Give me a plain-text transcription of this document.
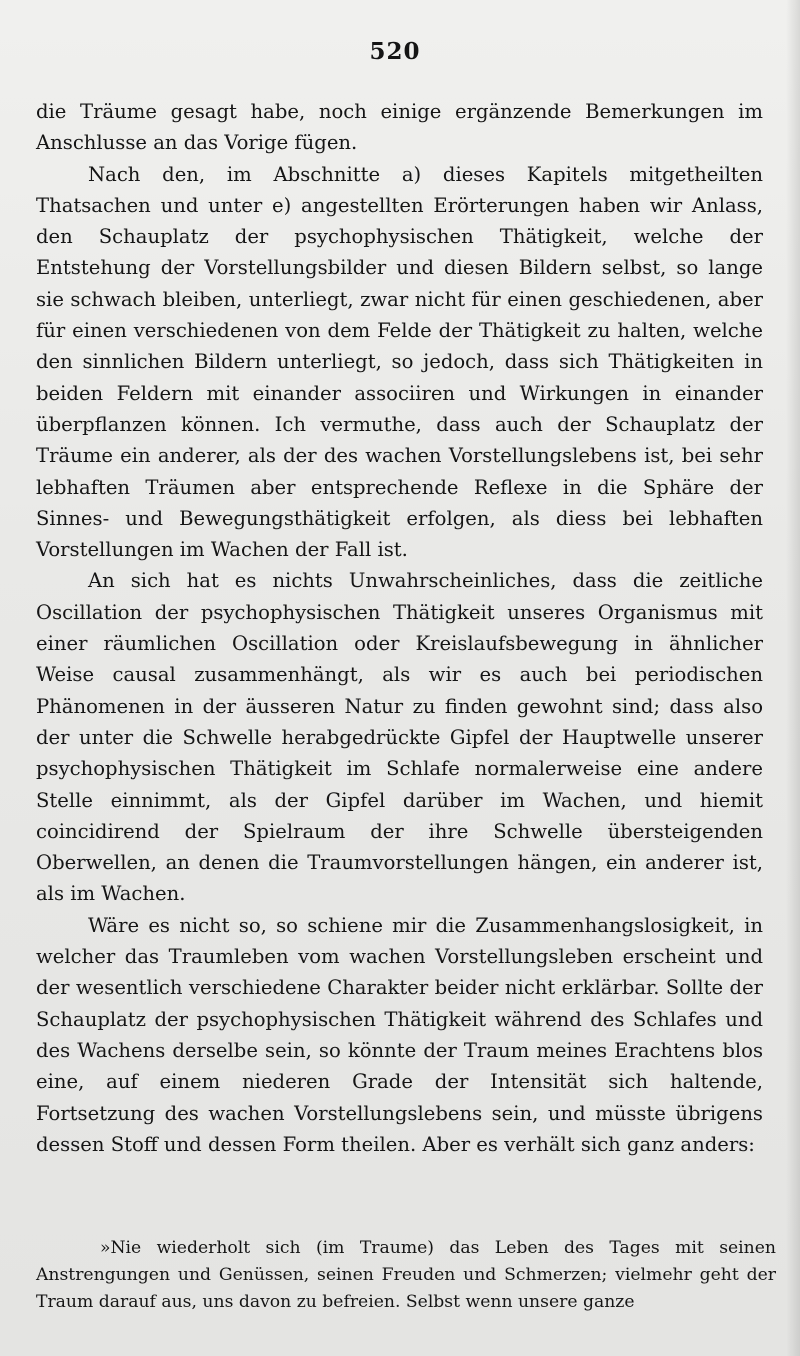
520

die Träume gesagt habe, noch einige ergänzende Bemerkungen im Anschlusse an das Vorige fügen.

Nach den, im Abschnitte a) dieses Kapitels mitgetheilten Thatsachen und unter e) angestellten Erörterungen haben wir Anlass, den Schauplatz der psychophysischen Thätigkeit, welche der Entstehung der Vorstellungsbilder und diesen Bildern selbst, so lange sie schwach bleiben, unterliegt, zwar nicht für einen geschiedenen, aber für einen verschiedenen von dem Felde der Thätigkeit zu halten, welche den sinnlichen Bildern unterliegt, so jedoch, dass sich Thätigkeiten in beiden Feldern mit einander associiren und Wirkungen in einander überpflanzen können. Ich vermuthe, dass auch der Schauplatz der Träume ein anderer, als der des wachen Vorstellungslebens ist, bei sehr lebhaften Träumen aber entsprechende Reflexe in die Sphäre der Sinnes- und Bewegungsthätigkeit erfolgen, als diess bei lebhaften Vorstellungen im Wachen der Fall ist.

An sich hat es nichts Unwahrscheinliches, dass die zeitliche Oscillation der psychophysischen Thätigkeit unseres Organismus mit einer räumlichen Oscillation oder Kreislaufsbewegung in ähnlicher Weise causal zusammenhängt, als wir es auch bei periodischen Phänomenen in der äusseren Natur zu finden gewohnt sind; dass also der unter die Schwelle herabgedrückte Gipfel der Hauptwelle unserer psychophysischen Thätigkeit im Schlafe normalerweise eine andere Stelle einnimmt, als der Gipfel darüber im Wachen, und hiemit coincidirend der Spielraum der ihre Schwelle übersteigenden Oberwellen, an denen die Traumvorstellungen hängen, ein anderer ist, als im Wachen.

Wäre es nicht so, so schiene mir die Zusammenhangslosigkeit, in welcher das Traumleben vom wachen Vorstellungsleben erscheint und der wesentlich verschiedene Charakter beider nicht erklärbar. Sollte der Schauplatz der psychophysischen Thätigkeit während des Schlafes und des Wachens derselbe sein, so könnte der Traum meines Erachtens blos eine, auf einem niederen Grade der Intensität sich haltende, Fortsetzung des wachen Vorstellungslebens sein, und müsste übrigens dessen Stoff und dessen Form theilen. Aber es verhält sich ganz anders:

»Nie wiederholt sich (im Traume) das Leben des Tages mit seinen Anstrengungen und Genüssen, seinen Freuden und Schmerzen; vielmehr geht der Traum darauf aus, uns davon zu befreien. Selbst wenn unsere ganze
